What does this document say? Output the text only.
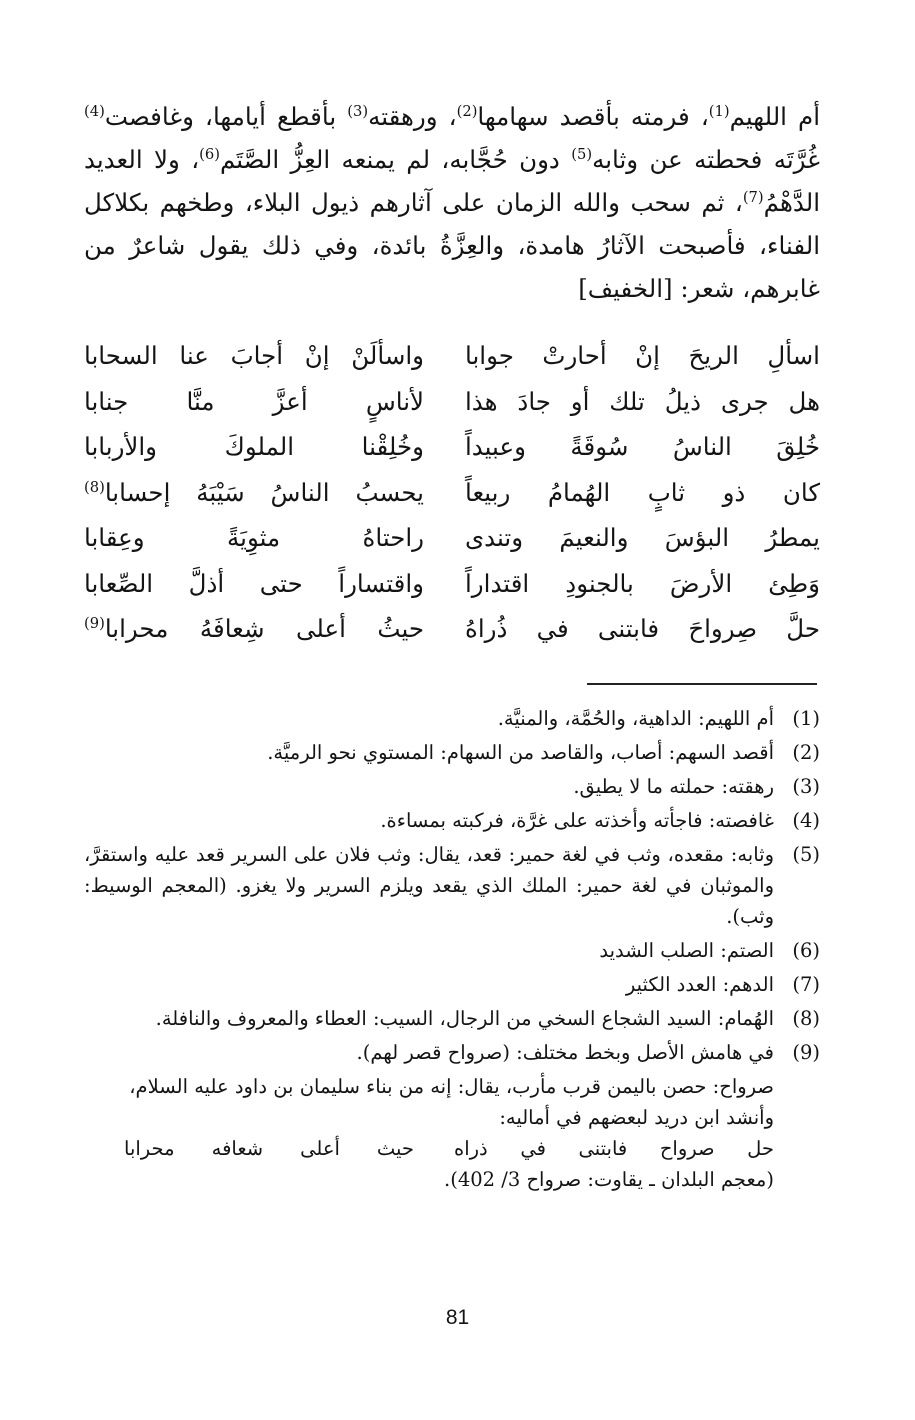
أم اللهيم$^{(1)}$، فرمته بأقصد سهامها$^{(2)}$، ورهقته$^{(3)}$ بأقطع أيامها، وغافصت$^{(4)}$ غُرَّتَه فحطته عن وثابه$^{(5)}$ دون حُجَّابه، لم يمنعه العِزُّ الصَّتَم$^{(6)}$، ولا العديد الدَّهْمُ$^{(7)}$، ثم سحب والله الزمان على آثارهم ذيول البلاء، وطخهم بكلاكل الفناء، فأصبحت الآثارُ هامدة، والعِزَّةُ بائدة، وفي ذلك يقول شاعرٌ من غابرهم، شعر: [الخفيف]
اسألِ الريحَ إنْ أحارتْ جوابا
واسألَنْ إنْ أجابَ عنا السحابا
هل جرى ذيلُ تلك أو جادَ هذا
لأناسٍ أعزَّ منَّا جنابا
خُلِقَ الناسُ سُوقَةً وعبيداً
وخُلِقْنا الملوكَ والأربابا
كان ذو ثابٍ الهُمامُ ربيعاً
يحسبُ الناسُ سَيْبَهُ إحسابا$^{(8)}$
يمطرُ البؤسَ والنعيمَ وتندى
راحتاهُ مثوِيَةً وعِقابا
وَطِئ الأرضَ بالجنودِ اقتداراً
واقتساراً حتى أذلَّ الصِّعابا
حلَّ صِرواحَ فابتنى في ذُراهُ
حيثُ أعلى شِعافَهُ محرابا$^{(9)}$
(1)
أم اللهيم: الداهية، والحُمَّة، والمنيَّة.
(2)
أقصد السهم: أصاب، والقاصد من السهام: المستوي نحو الرميَّة.
(3)
رهقته: حملته ما لا يطيق.
(4)
غافصته: فاجأته وأخذته على غرَّة، فركبته بمساءة.
(5)
وثابه: مقعده، وثب في لغة حمير: قعد، يقال: وثب فلان على السرير قعد عليه واستقرَّ، والموثبان في لغة حمير: الملك الذي يقعد ويلزم السرير ولا يغزو. (المعجم الوسيط: وثب).
(6)
الصتم: الصلب الشديد
(7)
الدهم: العدد الكثير
(8)
الهُمام: السيد الشجاع السخي من الرجال، السيب: العطاء والمعروف والنافلة.
(9)
في هامش الأصل وبخط مختلف: (صرواح قصر لهم).
صرواح: حصن باليمن قرب مأرب، يقال: إنه من بناء سليمان بن داود عليه السلام،
وأنشد ابن دريد لبعضهم في أماليه:
حل صرواح فابتنى في ذراه
حيث أعلى شعافه محرابا
(معجم البلدان ـ يقاوت: صرواح 3/ 402).
81
